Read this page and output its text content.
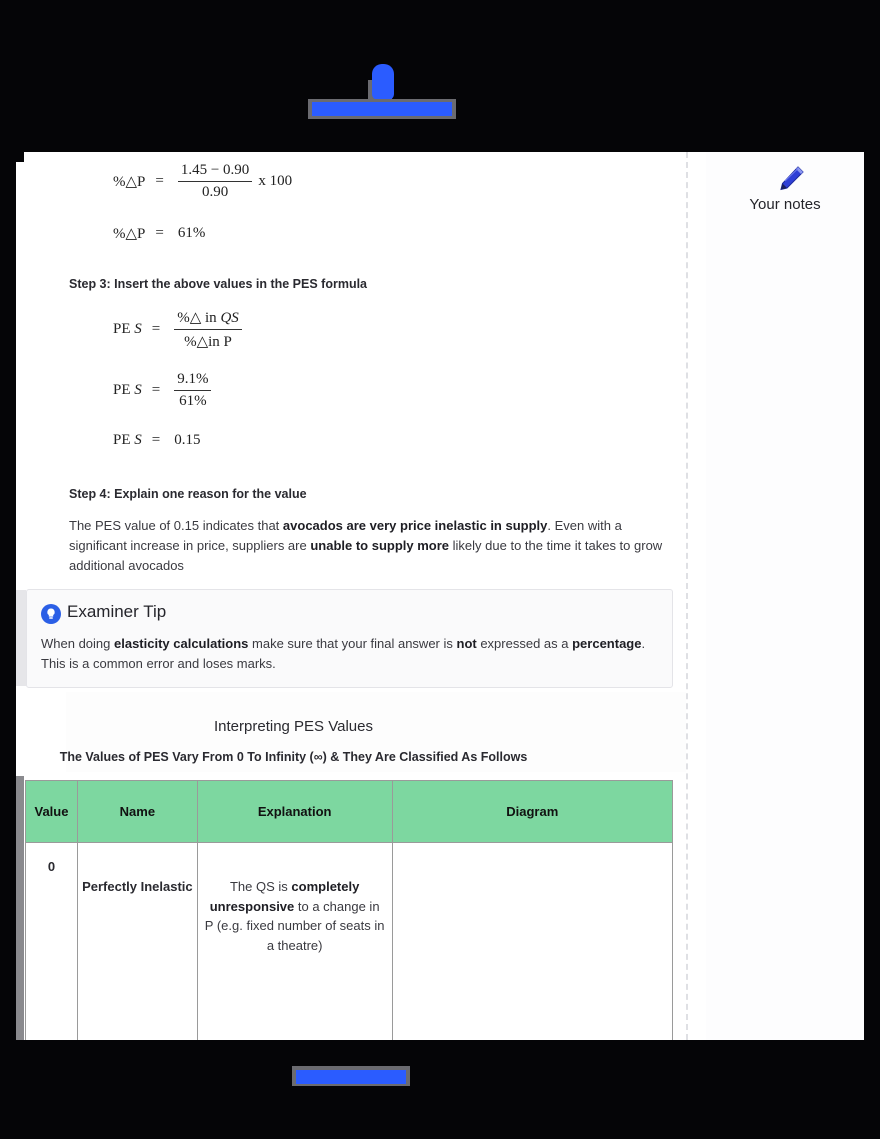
%△P = $\frac{1.45 - 0.90}{0.90}$ x 100
%△P = 61%
Step 3: Insert the above values in the PES formula
PE $S = \frac{\text{\%△ in QS}}{\text{\%△in P}}$
PE $S = \frac{9.1\%}{61\%}$
PE S = 0.15
Step 4: Explain one reason for the value
The PES value of 0.15 indicates that avocados are very price inelastic in supply. Even with a significant increase in price, suppliers are unable to supply more likely due to the time it takes to grow additional avocados
Examiner Tip
When doing elasticity calculations make sure that your final answer is not expressed as a percentage. This is a common error and loses marks.
Interpreting PES Values
The Values of PES Vary From 0 To Infinity (∞) & They Are Classified As Follows
Value	Name	Explanation	Diagram
0	Perfectly Inelastic	The QS is completely unresponsive to a change in P (e.g. fixed number of seats in a theatre)	
Your notes
